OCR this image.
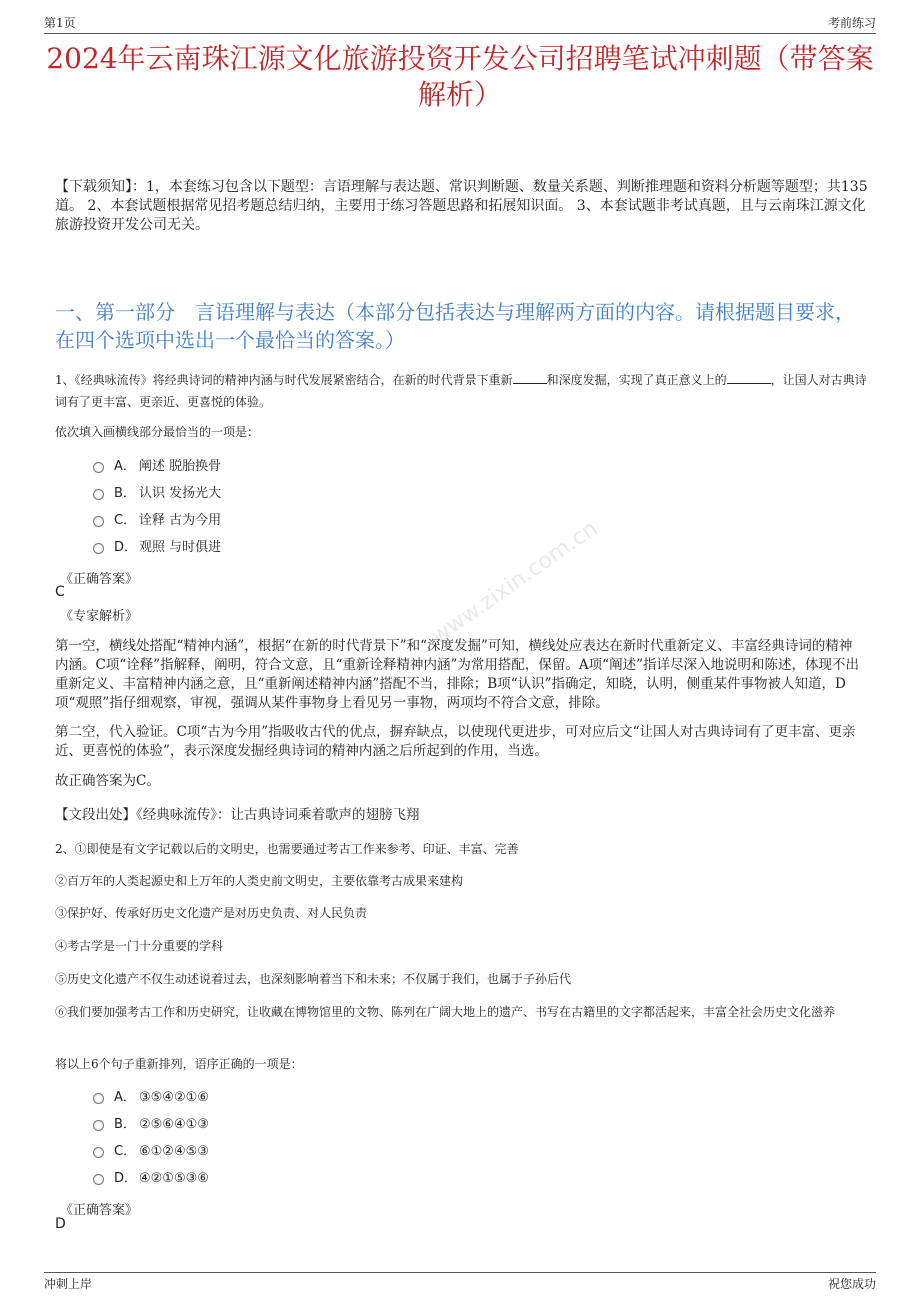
第1页	考前练习
2024年云南珠江源文化旅游投资开发公司招聘笔试冲刺题（带答案解析）
【下载须知】：1，本套练习包含以下题型：言语理解与表达题、常识判断题、数量关系题、判断推理题和资料分析题等题型；共135道。 2、本套试题根据常见招考题总结归纳，主要用于练习答题思路和拓展知识面。 3、本套试题非考试真题，且与云南珠江源文化旅游投资开发公司无关。
一、第一部分　言语理解与表达（本部分包括表达与理解两方面的内容。请根据题目要求，在四个选项中选出一个最恰当的答案。）
1、《经典咏流传》将经典诗词的精神内涵与时代发展紧密结合，在新的时代背景下重新	和深度发掘，实现了真正意义上的	，让国人对古典诗词有了更丰富、更亲近、更喜悦的体验。
依次填入画横线部分最恰当的一项是：
A． 阐述 脱胎换骨
B． 认识 发扬光大
C． 诠释 古为今用
D． 观照 与时俱进
《正确答案》
C
《专家解析》	www.zixin.com.cn
第一空，横线处搭配“精神内涵”，根据“在新的时代背景下”和“深度发掘”可知，横线处应表达在新时代重新定义、丰富经典诗词的精神内涵。C项“诠释”指解释，阐明，符合文意，且“重新诠释精神内涵”为常用搭配，保留。A项“阐述”指详尽深入地说明和陈述，体现不出重新定义、丰富精神内涵之意，且“重新阐述精神内涵”搭配不当，排除；B项“认识”指确定，知晓，认明，侧重某件事物被人知道，D项“观照”指仔细观察，审视，强调从某件事物身上看见另一事物，两项均不符合文意，排除。
第二空，代入验证。C项“古为今用”指吸收古代的优点，摒弃缺点，以使现代更进步，可对应后文“让国人对古典诗词有了更丰富、更亲近、更喜悦的体验”，表示深度发掘经典诗词的精神内涵之后所起到的作用，当选。
故正确答案为C。
【文段出处】《经典咏流传》：让古典诗词乘着歌声的翅膀飞翔
2、①即使是有文字记载以后的文明史，也需要通过考古工作来参考、印证、丰富、完善
②百万年的人类起源史和上万年的人类史前文明史，主要依靠考古成果来建构
③保护好、传承好历史文化遗产是对历史负责、对人民负责
④考古学是一门十分重要的学科
⑤历史文化遗产不仅生动述说着过去，也深刻影响着当下和未来；不仅属于我们，也属于子孙后代
⑥我们要加强考古工作和历史研究，让收藏在博物馆里的文物、陈列在广阔大地上的遗产、书写在古籍里的文字都活起来，丰富全社会历史文化滋养
将以上6个句子重新排列，语序正确的一项是：
A． ③⑤④②①⑥
B． ②⑤⑥④①③
C． ⑥①②④⑤③
D． ④②①⑤③⑥
《正确答案》
D
冲刺上岸	祝您成功
